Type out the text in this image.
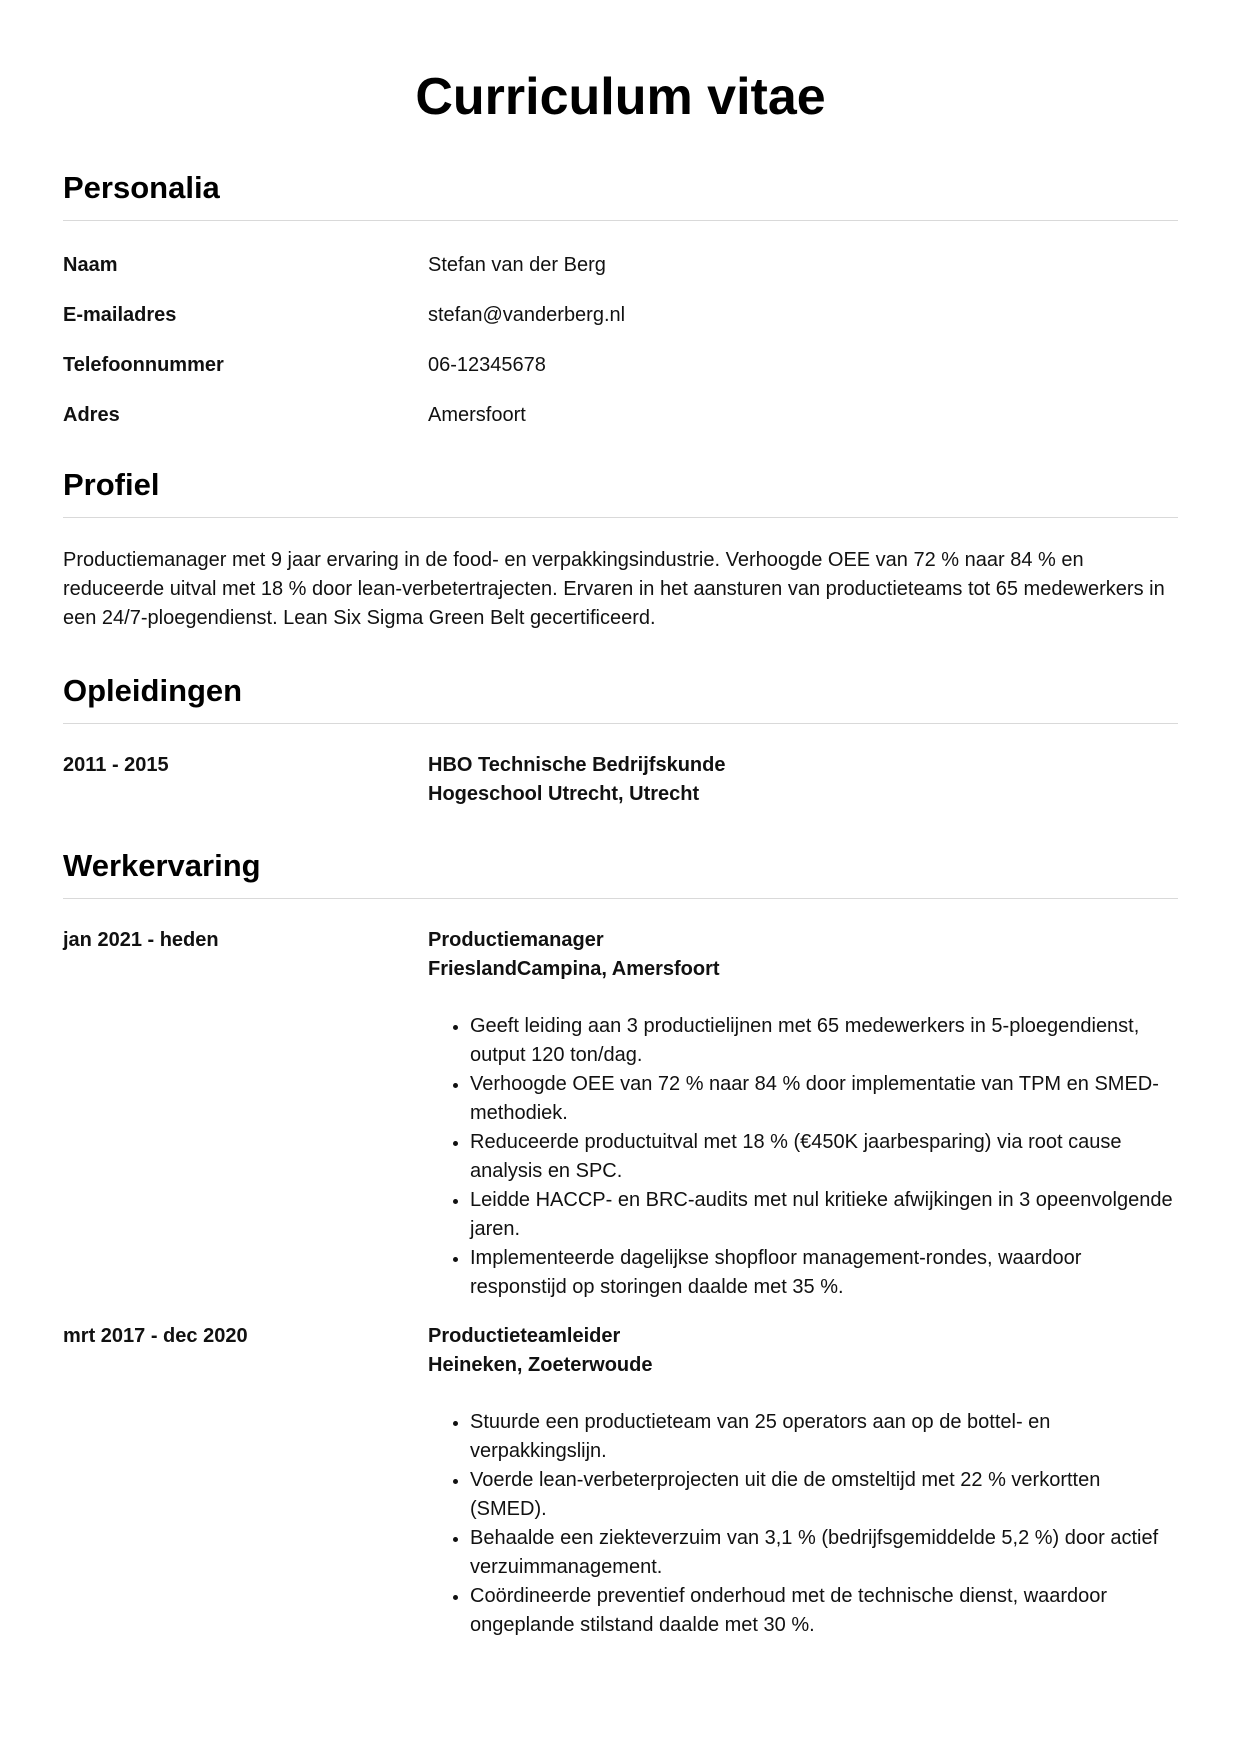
Curriculum vitae
Personalia
Naam	Stefan van der Berg
E-mailadres	stefan@vanderberg.nl
Telefoonnummer	06-12345678
Adres	Amersfoort
Profiel

Productiemanager met 9 jaar ervaring in de food- en verpakkingsindustrie. Verhoogde OEE van 72 % naar 84 % en reduceerde uitval met 18 % door lean-verbetertrajecten. Ervaren in het aansturen van productieteams tot 65 medewerkers in een 24/7-ploegendienst. Lean Six Sigma Green Belt gecertificeerd.

Opleidingen
2011 - 2015	HBO Technische Bedrijfskunde
Hogeschool Utrecht, Utrecht
Werkervaring
jan 2021 - heden	Productiemanager
FrieslandCampina, Amersfoort
• Geeft leiding aan 3 productielijnen met 65 medewerkers in 5-ploegendienst, output 120 ton/dag.
• Verhoogde OEE van 72 % naar 84 % door implementatie van TPM en SMED-methodiek.
• Reduceerde productuitval met 18 % (€450K jaarbesparing) via root cause analysis en SPC.
• Leidde HACCP- en BRC-audits met nul kritieke afwijkingen in 3 opeenvolgende jaren.
• Implementeerde dagelijkse shopfloor management-rondes, waardoor responstijd op storingen daalde met 35 %.
mrt 2017 - dec 2020	Productieteamleider
Heineken, Zoeterwoude
• Stuurde een productieteam van 25 operators aan op de bottel- en verpakkingslijn.
• Voerde lean-verbeterprojecten uit die de omsteltijd met 22 % verkortten (SMED).
• Behaalde een ziekteverzuim van 3,1 % (bedrijfsgemiddelde 5,2 %) door actief verzuimmanagement.
• Coördineerde preventief onderhoud met de technische dienst, waardoor ongeplande stilstand daalde met 30 %.
